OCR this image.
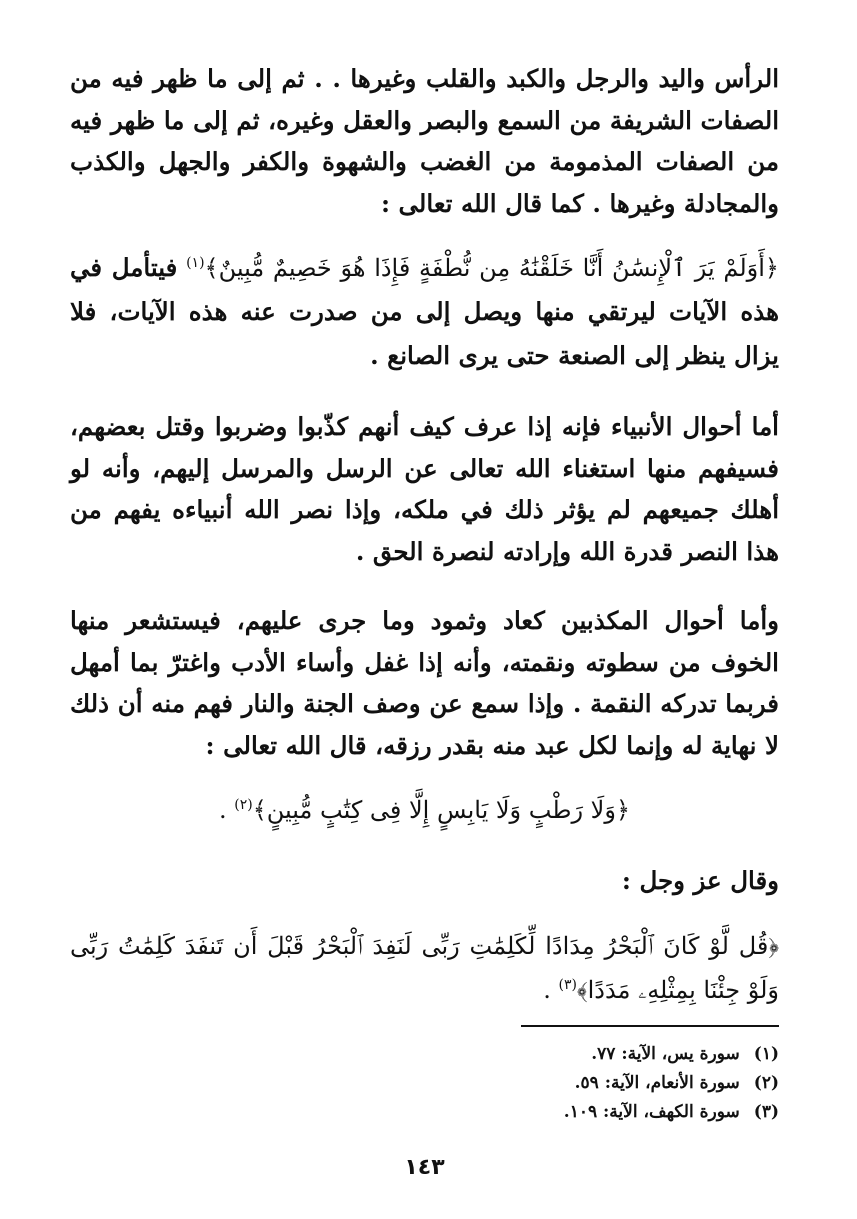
الرأس واليد والرجل والكبد والقلب وغيرها . . ثم إلى ما ظهر فيه من الصفات الشريفة من السمع والبصر والعقل وغيره، ثم إلى ما ظهر فيه من الصفات المذمومة من الغضب والشهوة والكفر والجهل والكذب والمجادلة وغيرها . كما قال الله تعالى :

﴿أَوَلَمْ يَرَ ٱلْإِنسَٰنُ أَنَّا خَلَقْنَٰهُ مِن نُّطْفَةٍ فَإِذَا هُوَ خَصِيمٌ مُّبِينٌ﴾$^{(١)}$ فيتأمل في هذه الآيات ليرتقي منها ويصل إلى من صدرت عنه هذه الآيات، فلا يزال ينظر إلى الصنعة حتى يرى الصانع .

أما أحوال الأنبياء فإنه إذا عرف كيف أنهم كذّبوا وضربوا وقتل بعضهم، فسيفهم منها استغناء الله تعالى عن الرسل والمرسل إليهم، وأنه لو أهلك جميعهم لم يؤثر ذلك في ملكه، وإذا نصر الله أنبياءه يفهم من هذا النصر قدرة الله وإرادته لنصرة الحق .

وأما أحوال المكذبين كعاد وثمود وما جرى عليهم، فيستشعر منها الخوف من سطوته ونقمته، وأنه إذا غفل وأساء الأدب واغترّ بما أمهل فربما تدركه النقمة . وإذا سمع عن وصف الجنة والنار فهم منه أن ذلك لا نهاية له وإنما لكل عبد منه بقدر رزقه، قال الله تعالى :

﴿وَلَا رَطْبٍ وَلَا يَابِسٍ إِلَّا فِى كِتَٰبٍ مُّبِينٍ﴾$^{(٢)}$ .

وقال عز وجل :

﴿قُل لَّوْ كَانَ ٱلْبَحْرُ مِدَادًا لِّكَلِمَٰتِ رَبِّى لَنَفِدَ ٱلْبَحْرُ قَبْلَ أَن تَنفَدَ كَلِمَٰتُ رَبِّى وَلَوْ جِئْنَا بِمِثْلِهِۦ مَدَدًا﴾$^{(٣)}$ .

(١)
سورة يس، الآية: ٧٧.
(٢)
سورة الأنعام، الآية: ٥٩.
(٣)
سورة الكهف، الآية: ١٠٩.
١٤٣
